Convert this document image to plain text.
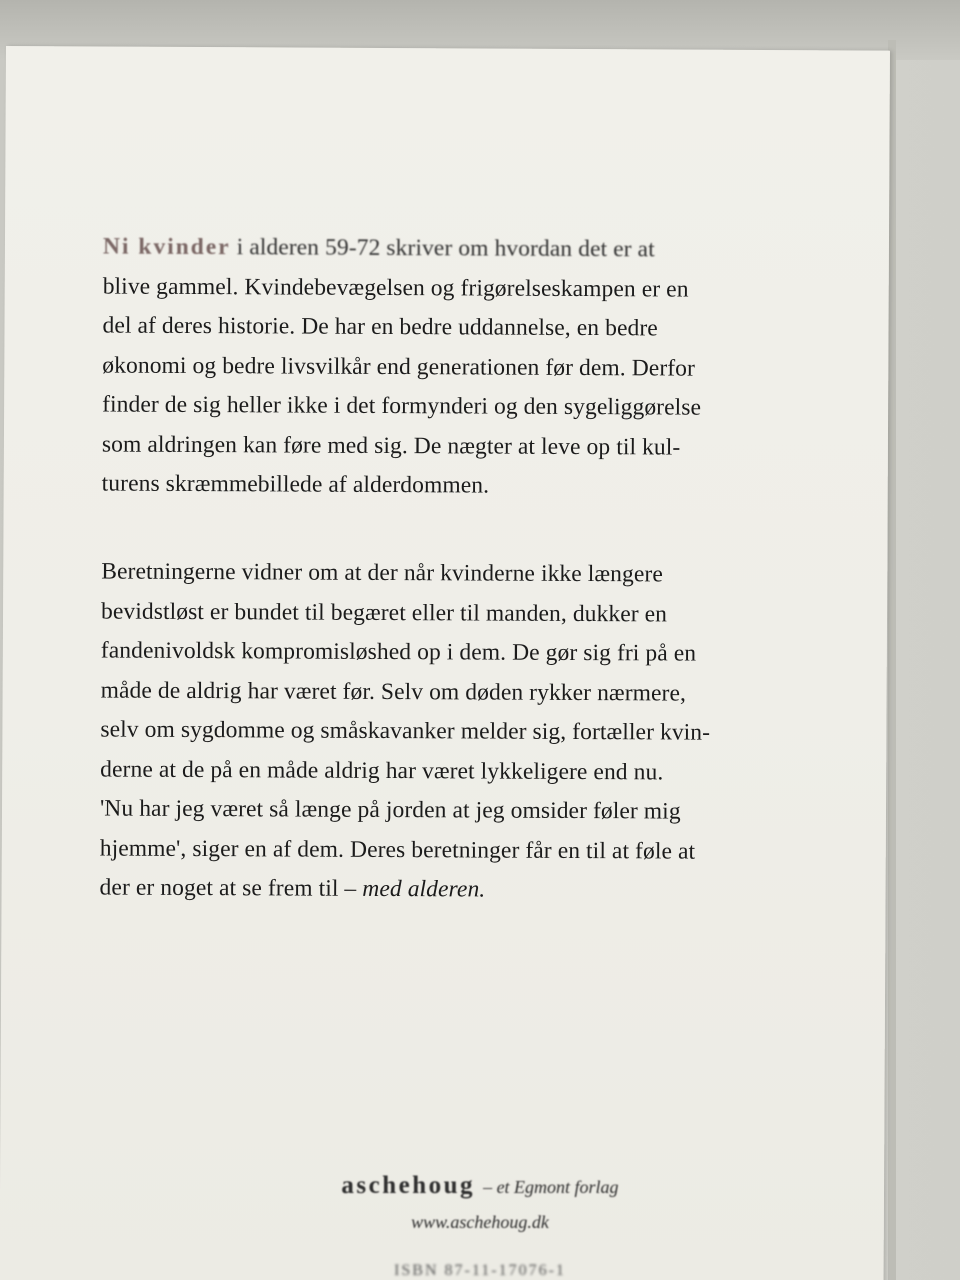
Ni kvinder i alderen 59-72 skriver om hvordan det er at
blive gammel. Kvindebevægelsen og frigørelseskampen er en
del af deres historie. De har en bedre uddannelse, en bedre
økonomi og bedre livsvilkår end generationen før dem. Derfor
finder de sig heller ikke i det formynderi og den sygeliggørelse
som aldringen kan føre med sig. De nægter at leve op til kul-
turens skræmmebillede af alderdommen.
Beretningerne vidner om at der når kvinderne ikke længere
bevidstløst er bundet til begæret eller til manden, dukker en
fandenivoldsk kompromisløshed op i dem. De gør sig fri på en
måde de aldrig har været før. Selv om døden rykker nærmere,
selv om sygdomme og småskavanker melder sig, fortæller kvin-
derne at de på en måde aldrig har været lykkeligere end nu.
'Nu har jeg været så længe på jorden at jeg omsider føler mig
hjemme', siger en af dem. Deres beretninger får en til at føle at
der er noget at se frem til – med alderen.
aschehoug – et Egmont forlag
www.aschehoug.dk
ISBN 87-11-17076-1
